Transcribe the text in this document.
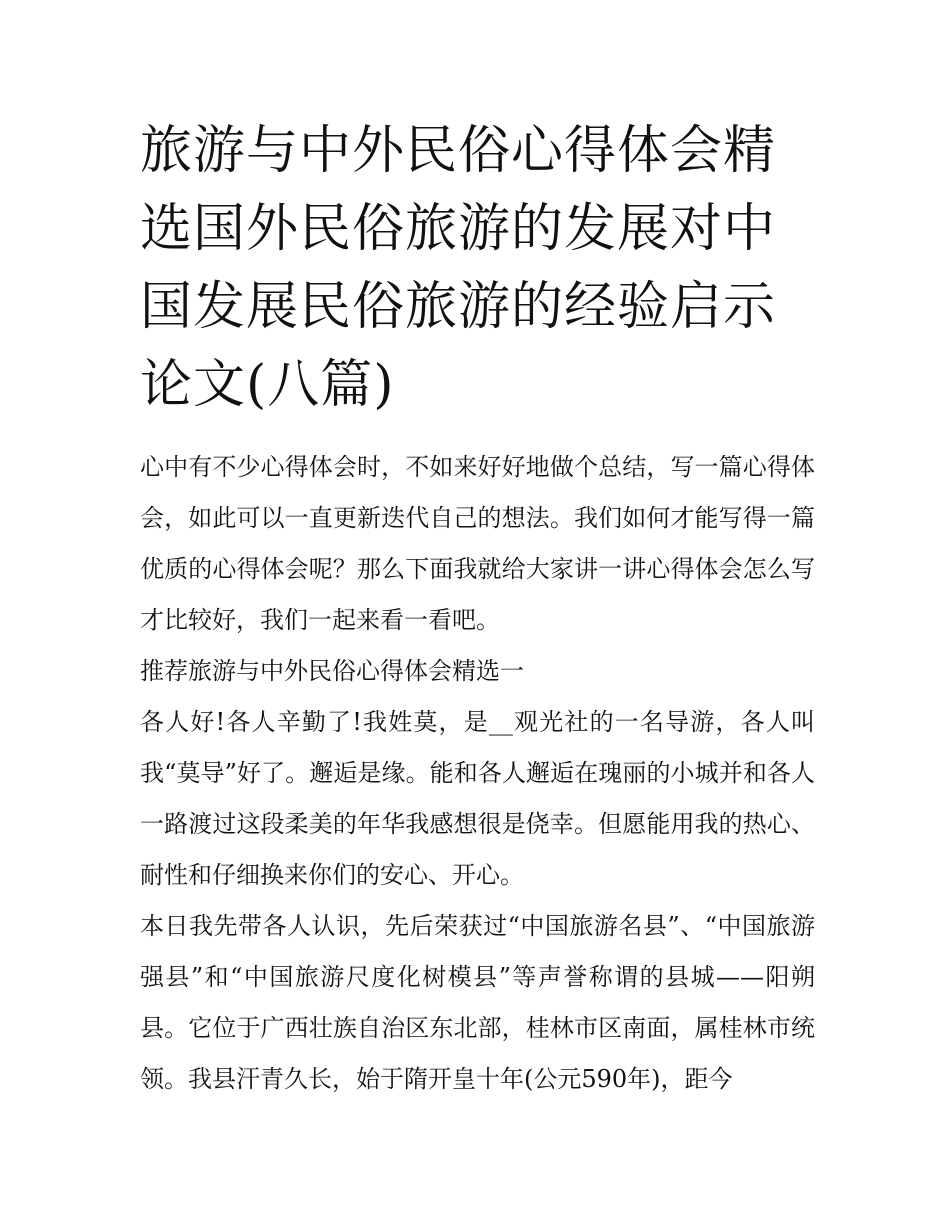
旅游与中外民俗心得体会精选国外民俗旅游的发展对中国发展民俗旅游的经验启示论文(八篇)

心中有不少心得体会时，不如来好好地做个总结，写一篇心得体会，如此可以一直更新迭代自己的想法。我们如何才能写得一篇优质的心得体会呢？那么下面我就给大家讲一讲心得体会怎么写才比较好，我们一起来看一看吧。

推荐旅游与中外民俗心得体会精选一

各人好!各人辛勤了!我姓莫，是__观光社的一名导游，各人叫我“莫导”好了。邂逅是缘。能和各人邂逅在瑰丽的小城并和各人一路渡过这段柔美的年华我感想很是侥幸。但愿能用我的热心、耐性和仔细换来你们的安心、开心。

本日我先带各人认识，先后荣获过“中国旅游名县”、“中国旅游强县”和“中国旅游尺度化树模县”等声誉称谓的县城——阳朔县。它位于广西壮族自治区东北部，桂林市区南面，属桂林市统领。我县汗青久长，始于隋开皇十年(公元590年)，距今
